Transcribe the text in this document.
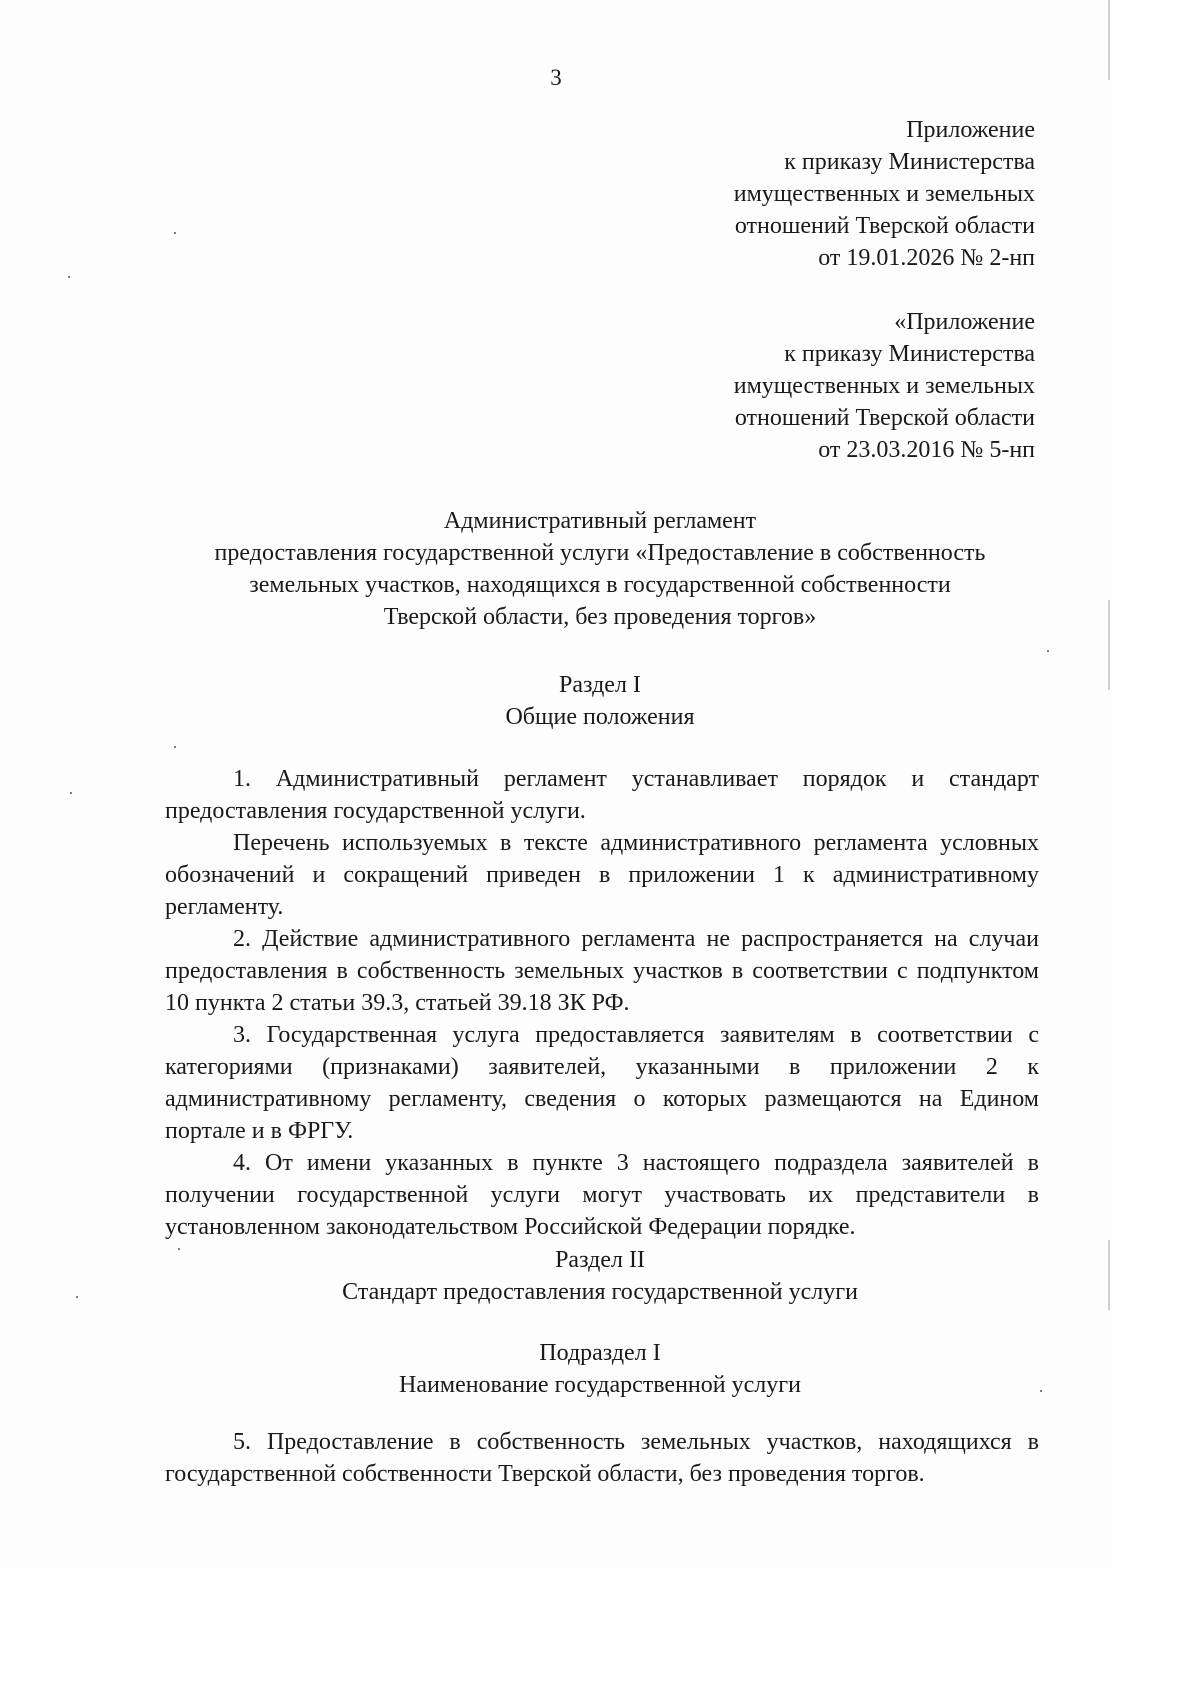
3
Приложение
к приказу Министерства
имущественных и земельных
отношений Тверской области
от 19.01.2026 № 2-нп
«Приложение
к приказу Министерства
имущественных и земельных
отношений Тверской области
от 23.03.2016 № 5-нп
Административный регламент
предоставления государственной услуги «Предоставление в собственность
земельных участков, находящихся в государственной собственности
Тверской области, без проведения торгов»
Раздел I
Общие положения

1. Административный регламент устанавливает порядок и стандарт предоставления государственной услуги.

Перечень используемых в тексте административного регламента условных обозначений и сокращений приведен в приложении 1 к административному регламенту.

2. Действие административного регламента не распространяется на случаи предоставления в собственность земельных участков в соответствии с подпунктом 10 пункта 2 статьи 39.3, статьей 39.18 ЗК РФ.

3. Государственная услуга предоставляется заявителям в соответствии с категориями (признаками) заявителей, указанными в приложении 2 к административному регламенту, сведения о которых размещаются на Едином портале и в ФРГУ.

4. От имени указанных в пункте 3 настоящего подраздела заявителей в получении государственной услуги могут участвовать их представители в установленном законодательством Российской Федерации порядке.

Раздел II
Стандарт предоставления государственной услуги
Подраздел I
Наименование государственной услуги

5. Предоставление в собственность земельных участков, находящихся в государственной собственности Тверской области, без проведения торгов.
